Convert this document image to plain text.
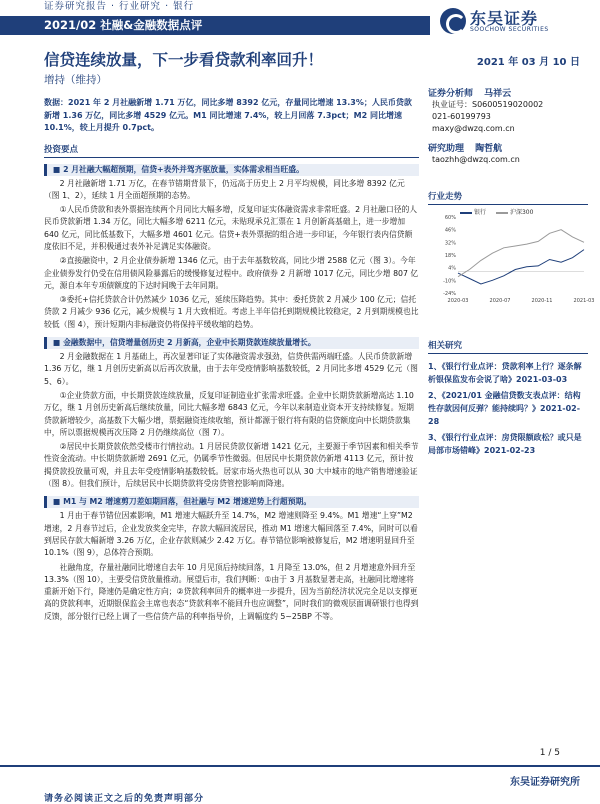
证券研究报告 · 行业研究 · 银行
2021/02 社融&金融数据点评	东吴证券
SOOCHOW SECURITIES
信贷连续放量，下一步看贷款利率回升！
增持（维持）
2021 年 03 月 10 日
数据：2021 年 2 月社融新增 1.71 万亿，同比多增 8392 亿元，存量同比增速 13.3%；人民币贷款新增 1.36 万亿，同比多增 4529 亿元。M1 同比增速 7.4%，较上月回落 7.3pct；M2 同比增速 10.1%，较上月提升 0.7pct。
投资要点
■ 2 月社融大幅超预期，信贷+表外并驾齐驱放量，实体需求相当旺盛。
2 月社融新增 1.71 万亿，在春节错期背景下，仍远高于历史上 2 月平均规模，同比多增 8392 亿元（图 1、2），延续 1 月全面超预期的态势。
①人民币贷款和表外票据连续两个月同比大幅多增，反复印证实体融资需求非常旺盛。2 月社融口径的人民币贷款新增 1.34 万亿，同比大幅多增 6211 亿元，未贴现承兑汇票在 1 月创新高基础上，进一步增加 640 亿元，同比低基数下，大幅多增 4601 亿元。信贷+表外票据的组合进一步印证，今年银行表内信贷额度依旧不足，并积极通过表外补足满足实体融资。
②直接融资中，2 月企业债券新增 1346 亿元，由于去年基数较高，同比少增 2588 亿元（图 3）。今年企业债券发行仍受在信用债风险暴露后的缓慢修复过程中。政府债券 2 月新增 1017 亿元，同比少增 807 亿元，源自本年专项债额度的下达时间晚于去年同期。
③委托+信托贷款合计仍然减少 1036 亿元，延续压降趋势。其中：委托贷款 2 月减少 100 亿元；信托贷款 2 月减少 936 亿元，减少规模与 1 月大致相近。考虑上半年信托到期规模比较稳定，2 月到期规模也比较低（图 4），预计短期内非标融资仍将保持平缓收缩的趋势。
■ 金融数据中，信贷增量创历史 2 月新高，企业中长期贷款连续放量增长。
2 月金融数据在 1 月基础上，再次显著印证了实体融资需求强劲，信贷供需两端旺盛。人民币贷款新增 1.36 万亿，继 1 月创历史新高以后再次放量，由于去年受疫情影响基数较低，2 月同比多增 4529 亿元（图 5、6）。
①企业贷款方面，中长期贷款连续放量，反复印证制造业扩张需求旺盛。企业中长期贷款新增高达 1.10 万亿，继 1 月创历史新高后继续放量，同比大幅多增 6843 亿元，今年以来制造业资本开支持续修复。短期贷款新增较少，高基数下大幅少增，票据融资连续收缩，预计都源于银行将有限的信贷额度向中长期贷款集中，所以票据规模再次压降 2 月仍继续高位（图 7）。
②居民中长期贷款依然受楼市行情拉动。1 月居民贷款仅新增 1421 亿元，主要源于季节因素和相关季节性资金流动。中长期贷款新增 2691 亿元，仍属季节性微弱。但居民中长期贷款仍新增 4113 亿元，预计按揭贷款投放量可观，并且去年受疫情影响基数较低。居家市场火热也可以从 30 大中城市的地产销售增速验证（图 8）。但我们预计，后续居民中长期贷款将受房贷管控影响而降速。
■ M1 与 M2 增速剪刀差如期回落，但社融与 M2 增速逆势上行超预期。
1 月由于春节错位因素影响，M1 增速大幅跃升至 14.7%，M2 增速则降至 9.4%。M1 增速“上穿”M2 增速，2 月春节过后，企业发放奖金完毕，存款大幅回流居民，推动 M1 增速大幅回落至 7.4%，同时可以看到居民存款大幅新增 3.26 万亿，企业存款则减少 2.42 万亿。春节错位影响被修复后，M2 增速明显回升至 10.1%（图 9），总体符合预期。
社融角度，存量社融同比增速自去年 10 月见顶后持续回落，1 月降至 13.0%，但 2 月增速意外回升至 13.3%（图 10），主要受信贷放量推动。展望后市，我们判断：①由于 3 月基数显著走高，社融同比增速将重新开始下行，降速仍是确定性方向；②贷款利率回升的概率进一步提升，因为当前经济状况完全足以支撑更高的贷款利率，近期银保监会主席也表态“贷款利率不能回升也应调整”，同时我们的微观层面调研银行也得到反馈，部分银行已经上调了一些信贷产品的利率指导价，上调幅度约 5~25BP 不等。
证券分析师 马祥云
执业证号：S0600519020002
021-60199793
maxy@dwzq.com.cn
研究助理 陶哲航
taozhh@dwzq.com.cn
行业走势
银行	沪深300
60%
46%
32%
18%
4%
-10%
-24%
2020-03	2020-07	2020-11	2021-03
相关研究
1、《银行行业点评：贷款利率上行？逐条解析银保监发布会说了啥》2021-03-03
2、《2021/01 金融信贷数支表点评：结构性存款因何反弹？能持续吗？》2021-02-28
3、《银行行业点评：房贷限额政松？或只是局部市场错峰》2021-02-23
1 / 5
东吴证券研究所
请务必阅读正文之后的免责声明部分
